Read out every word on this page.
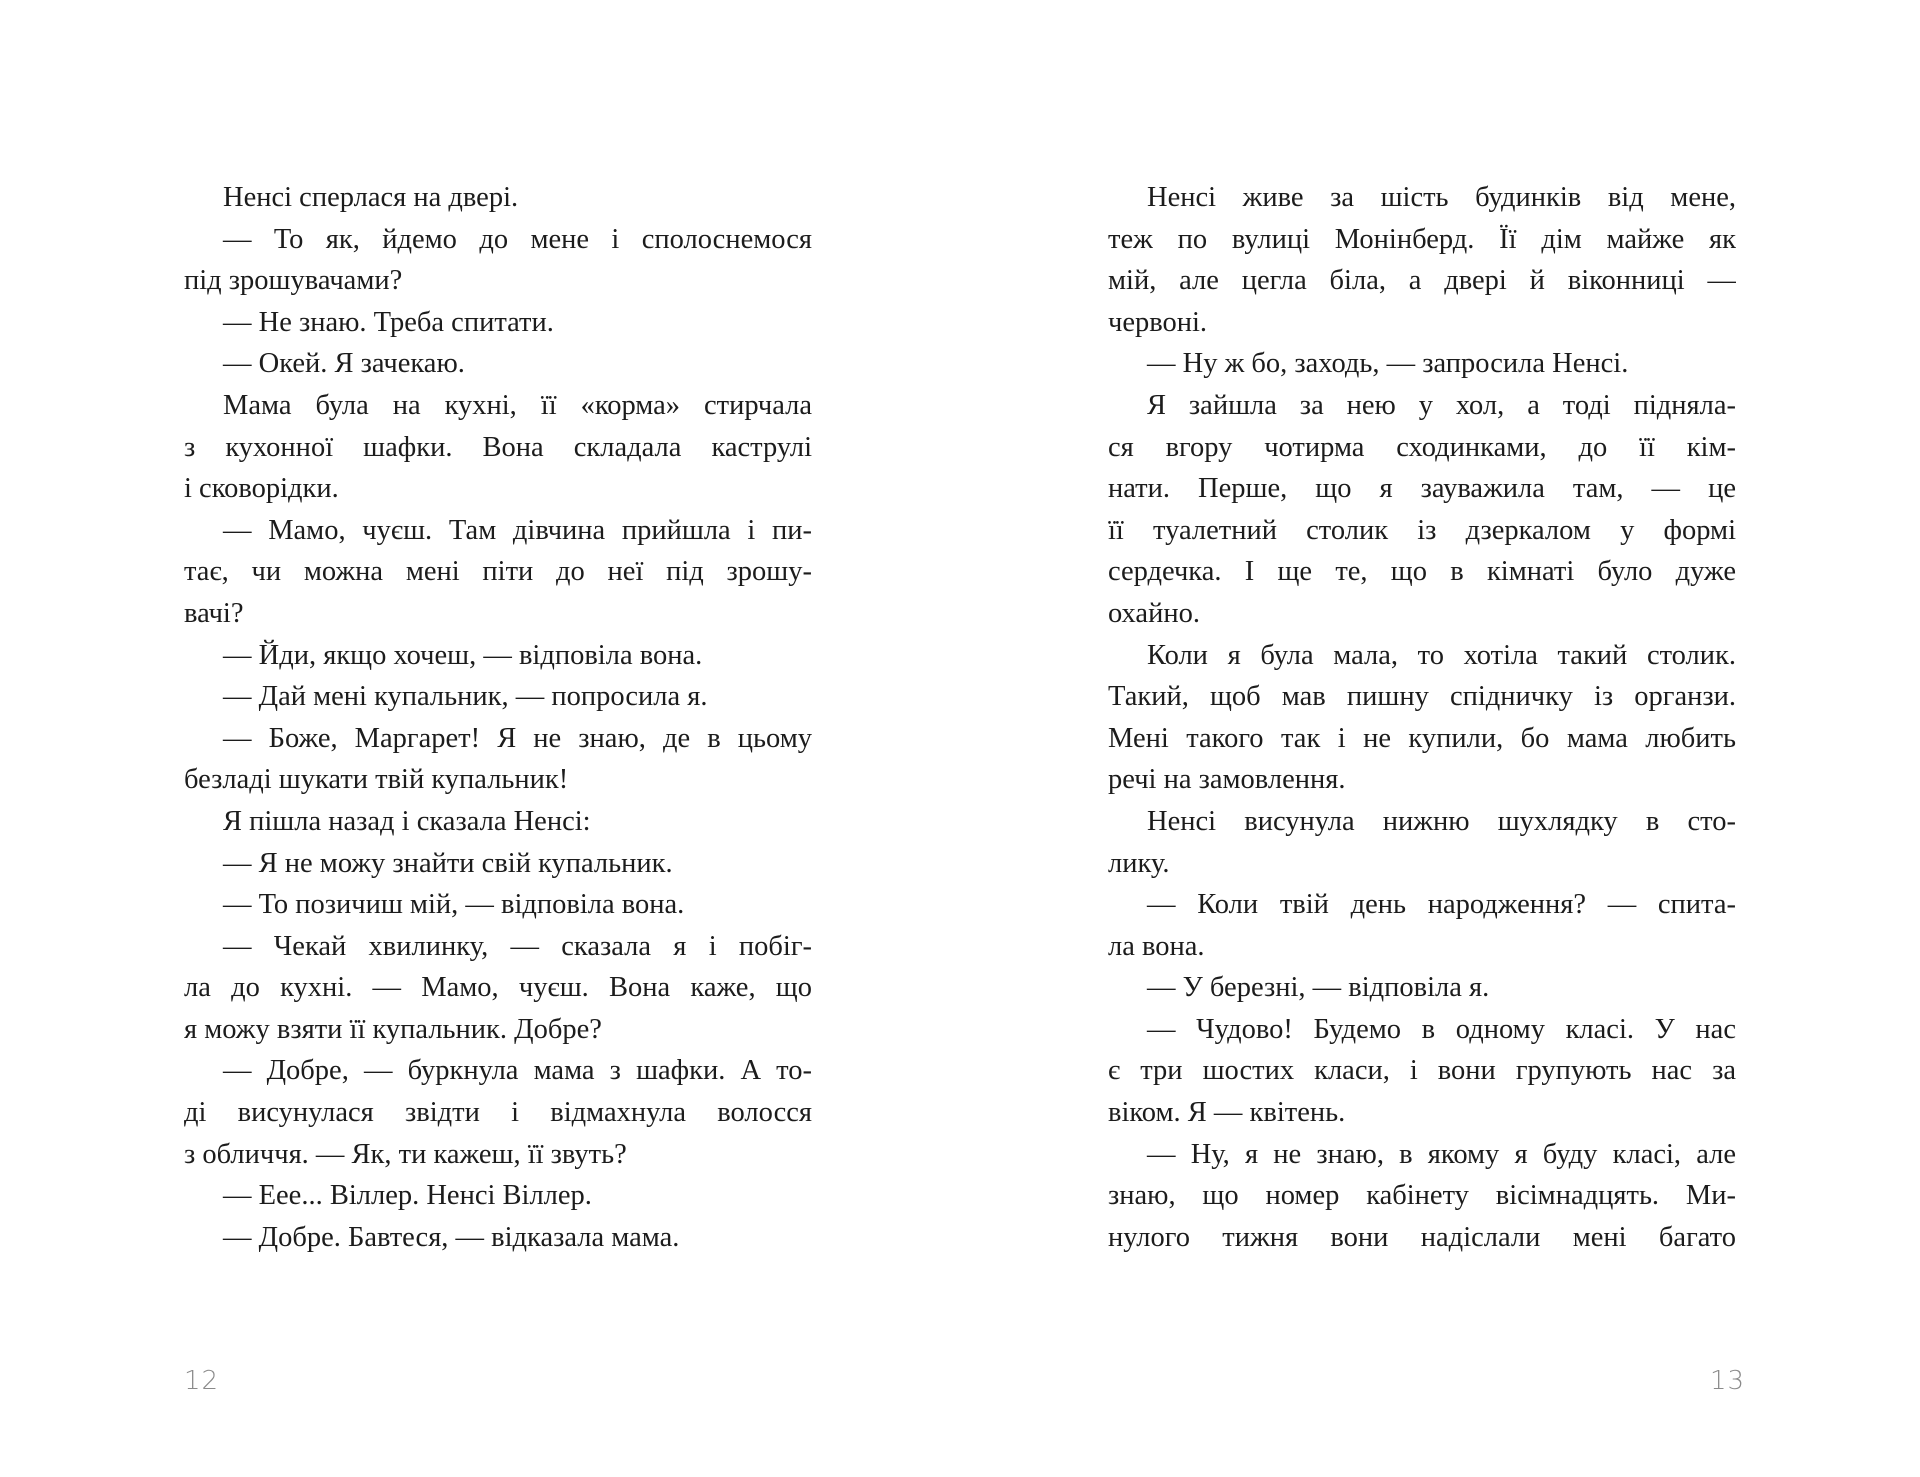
Ненсі сперлася на двері.
— То як, йдемо до мене і сполоснемося
під зрошувачами?
— Не знаю. Треба спитати.
— Окей. Я зачекаю.
Мама була на кухні, її «корма» стирчала
з кухонної шафки. Вона складала каструлі
і сковорідки.
— Мамо, чуєш. Там дівчина прийшла і пи-
тає, чи можна мені піти до неї під зрошу-
вачі?
— Йди, якщо хочеш, — відповіла вона.
— Дай мені купальник, — попросила я.
— Боже, Маргарет! Я не знаю, де в цьому
безладі шукати твій купальник!
Я пішла назад і сказала Ненсі:
— Я не можу знайти свій купальник.
— То позичиш мій, — відповіла вона.
— Чекай хвилинку, — сказала я і побіг-
ла до кухні. — Мамо, чуєш. Вона каже, що
я можу взяти її купальник. Добре?
— Добре, — буркнула мама з шафки. А то-
ді висунулася звідти і відмахнула волосся
з обличчя. — Як, ти кажеш, її звуть?
— Еее... Віллер. Ненсі Віллер.
— Добре. Бавтеся, — відказала мама.
Ненсі живе за шість будинків від мене,
теж по вулиці Монінберд. Її дім майже як
мій, але цегла біла, а двері й віконниці —
червоні.
— Ну ж бо, заходь, — запросила Ненсі.
Я зайшла за нею у хол, а тоді піднялa-
ся вгору чотирма сходинками, до її кім-
нати. Перше, що я зауважила там, — це
її туалетний столик із дзеркалом у формі
сердечка. І ще те, що в кімнаті було дуже
охайно.
Коли я була мала, то хотіла такий столик.
Такий, щоб мав пишну спідничку із органзи.
Мені такого так і не купили, бо мама любить
речі на замовлення.
Ненсі висунула нижню шухлядку в сто-
лику.
— Коли твій день народження? — спита-
ла вона.
— У березні, — відповіла я.
— Чудово! Будемо в одному класі. У нас
є три шостих класи, і вони групують нас за
віком. Я — квітень.
— Ну, я не знаю, в якому я буду класі, але
знаю, що номер кабінету вісімнадцять. Ми-
нулого тижня вони надіслали мені багато
12	13
